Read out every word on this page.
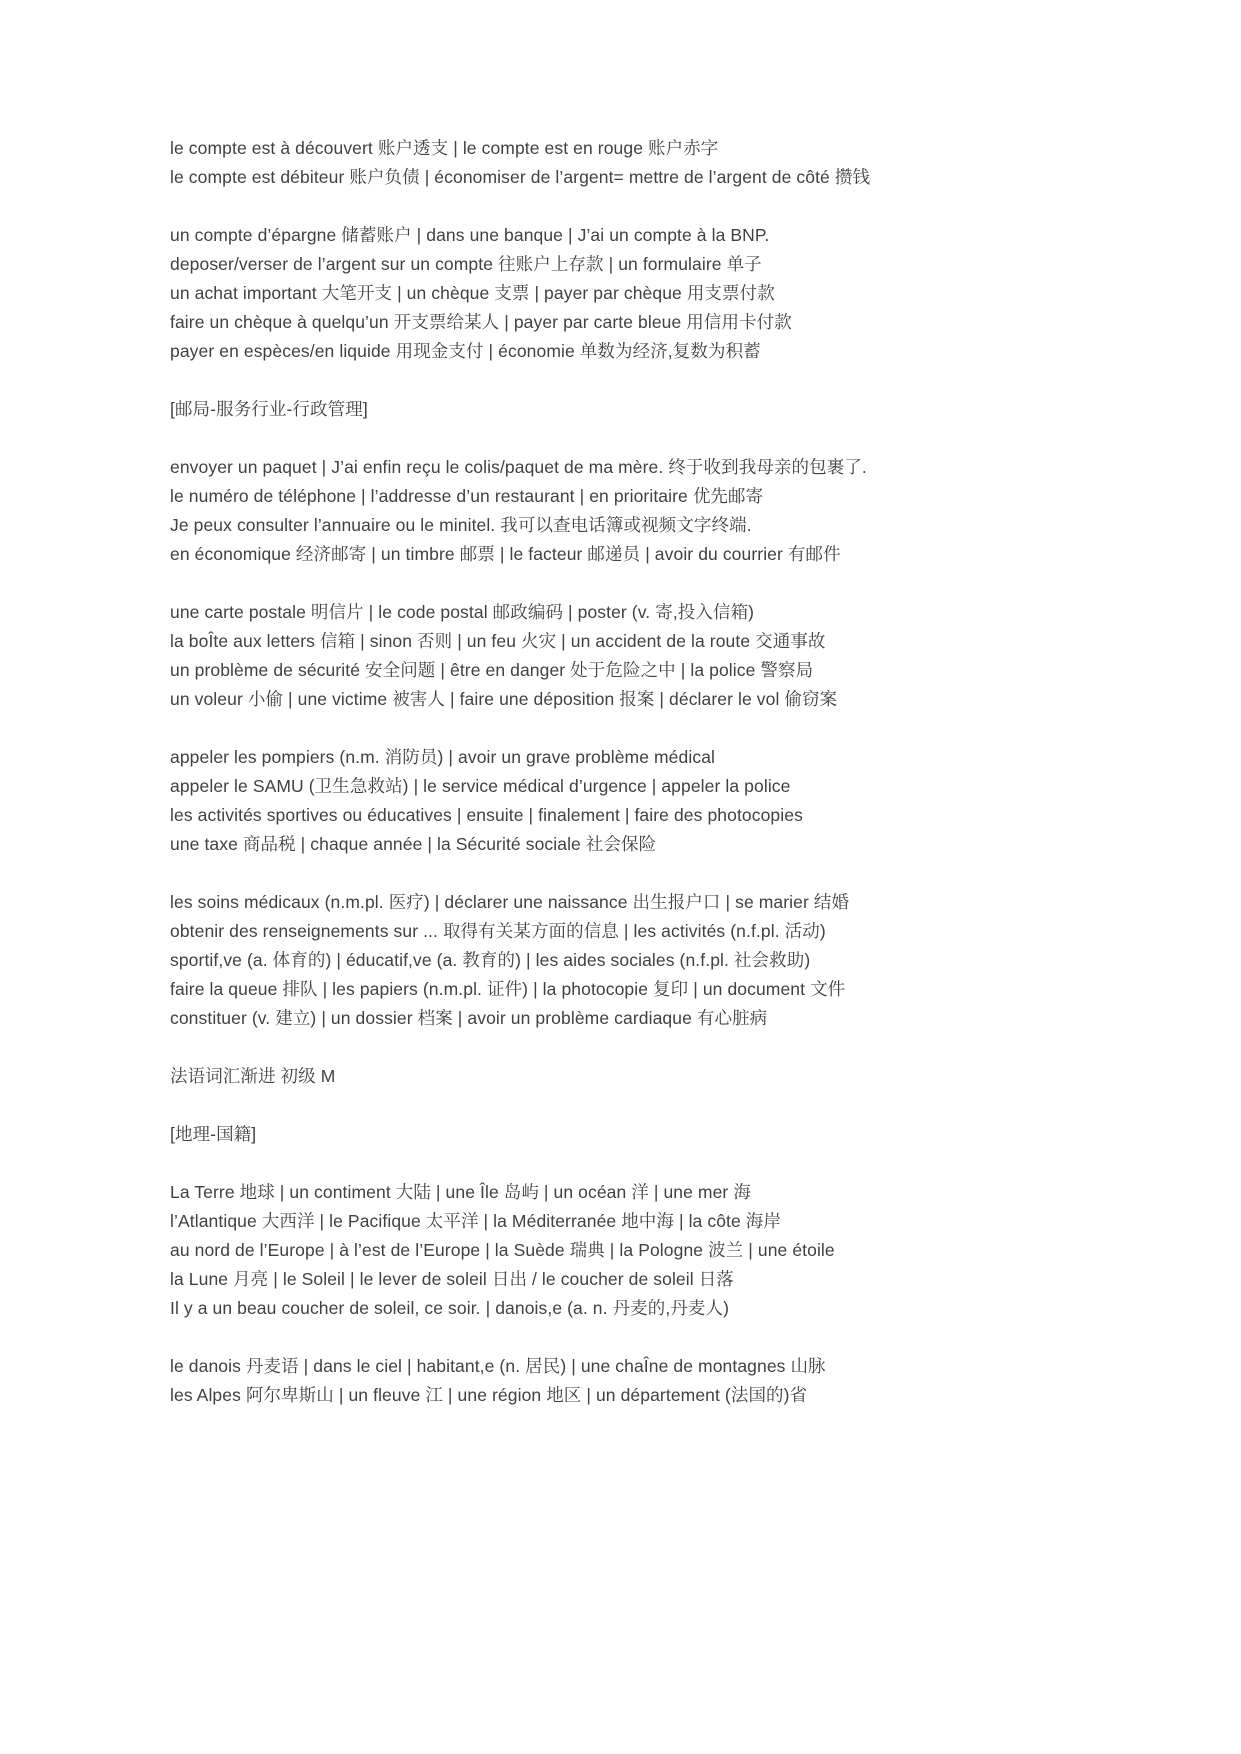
le compte est à découvert 账户透支 | le compte est en rouge 账户赤字
le compte est débiteur 账户负债 | économiser de l’argent= mettre de l’argent de côté 攒钱
un compte d’épargne 储蓄账户 | dans une banque | J’ai un compte à la BNP.
deposer/verser de l’argent sur un compte 往账户上存款 | un formulaire 单子
un achat important 大笔开支 | un chèque 支票 | payer par chèque 用支票付款
faire un chèque à quelqu’un 开支票给某人 | payer par carte bleue 用信用卡付款
payer en espèces/en liquide 用现金支付 | économie 单数为经济,复数为积蓄
[邮局-服务行业-行政管理]
envoyer un paquet | J’ai enfin reçu le colis/paquet de ma mère. 终于收到我母亲的包裹了.
le numéro de téléphone | l’addresse d’un restaurant | en prioritaire 优先邮寄
Je peux consulter l’annuaire ou le minitel. 我可以查电话簿或视频文字终端.
en économique 经济邮寄 | un timbre 邮票 | le facteur 邮递员 | avoir du courrier 有邮件
une carte postale 明信片 | le code postal 邮政编码 | poster (v. 寄,投入信箱)
la boÎte aux letters 信箱 | sinon 否则 | un feu 火灾 | un accident de la route 交通事故
un problème de sécurité 安全问题 | être en danger 处于危险之中 | la police 警察局
un voleur 小偷 | une victime 被害人 | faire une déposition 报案 | déclarer le vol 偷窃案
appeler les pompiers (n.m. 消防员) | avoir un grave problème médical
appeler le SAMU (卫生急救站) | le service médical d’urgence | appeler la police
les activités sportives ou éducatives | ensuite | finalement | faire des photocopies
une taxe 商品税 | chaque année | la Sécurité sociale 社会保险
les soins médicaux (n.m.pl. 医疗) | déclarer une naissance 出生报户口 | se marier 结婚
obtenir des renseignements sur ... 取得有关某方面的信息 | les activités (n.f.pl. 活动)
sportif,ve (a. 体育的) | éducatif,ve (a. 教育的) | les aides sociales (n.f.pl. 社会救助)
faire la queue 排队 | les papiers (n.m.pl. 证件) | la photocopie 复印 | un document 文件
constituer (v. 建立) | un dossier 档案 | avoir un problème cardiaque 有心脏病
法语词汇渐进 初级 M
[地理-国籍]
La Terre 地球 | un contiment 大陆 | une Île 岛屿 | un océan 洋 | une mer 海
l’Atlantique 大西洋 | le Pacifique 太平洋 | la Méditerranée 地中海 | la côte 海岸
au nord de l’Europe | à l’est de l’Europe | la Suède 瑞典 | la Pologne 波兰 | une étoile
la Lune 月亮 | le Soleil | le lever de soleil 日出 / le coucher de soleil 日落
Il y a un beau coucher de soleil, ce soir. | danois,e (a. n. 丹麦的,丹麦人)
le danois 丹麦语 | dans le ciel | habitant,e (n. 居民) | une chaÎne de montagnes 山脉
les Alpes 阿尔卑斯山 | un fleuve 江 | une région 地区 | un département (法国的)省
